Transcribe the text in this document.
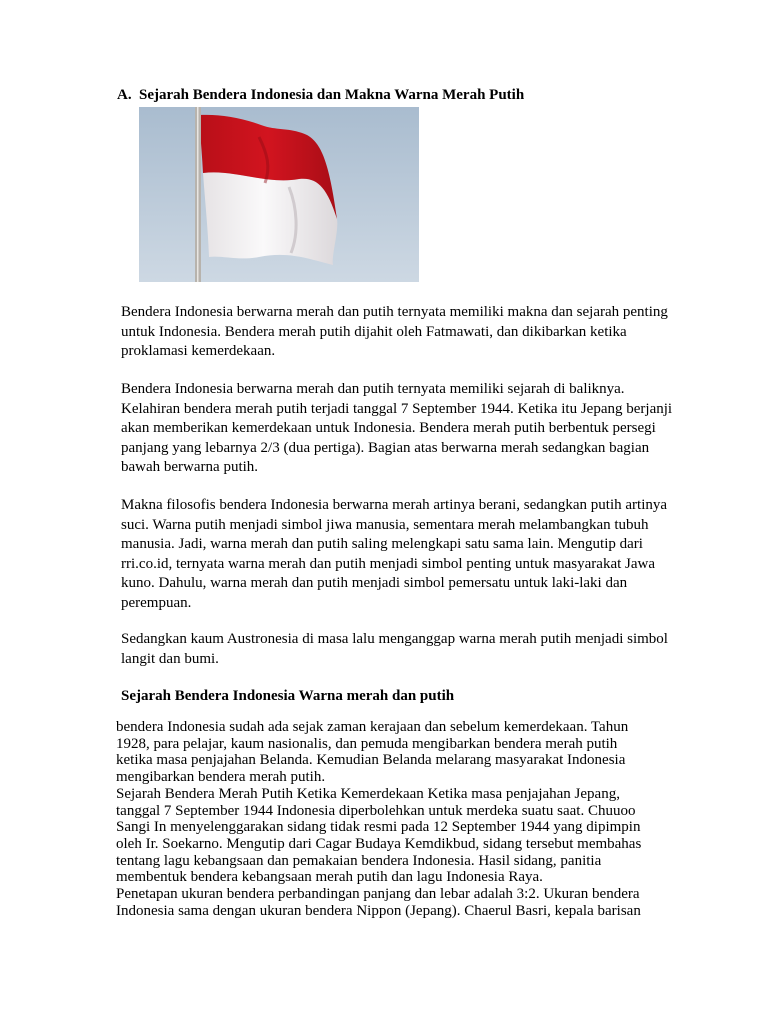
A. Sejarah Bendera Indonesia dan Makna Warna Merah Putih

Bendera Indonesia berwarna merah dan putih ternyata memiliki makna dan sejarah penting untuk Indonesia. Bendera merah putih dijahit oleh Fatmawati, dan dikibarkan ketika proklamasi kemerdekaan.

Bendera Indonesia berwarna merah dan putih ternyata memiliki sejarah di baliknya. Kelahiran bendera merah putih terjadi tanggal 7 September 1944. Ketika itu Jepang berjanji akan memberikan kemerdekaan untuk Indonesia. Bendera merah putih berbentuk persegi panjang yang lebarnya 2/3 (dua pertiga). Bagian atas berwarna merah sedangkan bagian bawah berwarna putih.

Makna filosofis bendera Indonesia berwarna merah artinya berani, sedangkan putih artinya suci. Warna putih menjadi simbol jiwa manusia, sementara merah melambangkan tubuh manusia. Jadi, warna merah dan putih saling melengkapi satu sama lain. Mengutip dari rri.co.id, ternyata warna merah dan putih menjadi simbol penting untuk masyarakat Jawa kuno. Dahulu, warna merah dan putih menjadi simbol pemersatu untuk laki-laki dan perempuan.

Sedangkan kaum Austronesia di masa lalu menganggap warna merah putih menjadi simbol langit dan bumi.

Sejarah Bendera Indonesia Warna merah dan putih

bendera Indonesia sudah ada sejak zaman kerajaan dan sebelum kemerdekaan. Tahun 1928, para pelajar, kaum nasionalis, dan pemuda mengibarkan bendera merah putih ketika masa penjajahan Belanda. Kemudian Belanda melarang masyarakat Indonesia mengibarkan bendera merah putih.
Sejarah Bendera Merah Putih Ketika Kemerdekaan Ketika masa penjajahan Jepang, tanggal 7 September 1944 Indonesia diperbolehkan untuk merdeka suatu saat. Chuuoo Sangi In menyelenggarakan sidang tidak resmi pada 12 September 1944 yang dipimpin oleh Ir. Soekarno. Mengutip dari Cagar Budaya Kemdikbud, sidang tersebut membahas tentang lagu kebangsaan dan pemakaian bendera Indonesia. Hasil sidang, panitia membentuk bendera kebangsaan merah putih dan lagu Indonesia Raya.
Penetapan ukuran bendera perbandingan panjang dan lebar adalah 3:2. Ukuran bendera Indonesia sama dengan ukuran bendera Nippon (Jepang). Chaerul Basri, kepala barisan
